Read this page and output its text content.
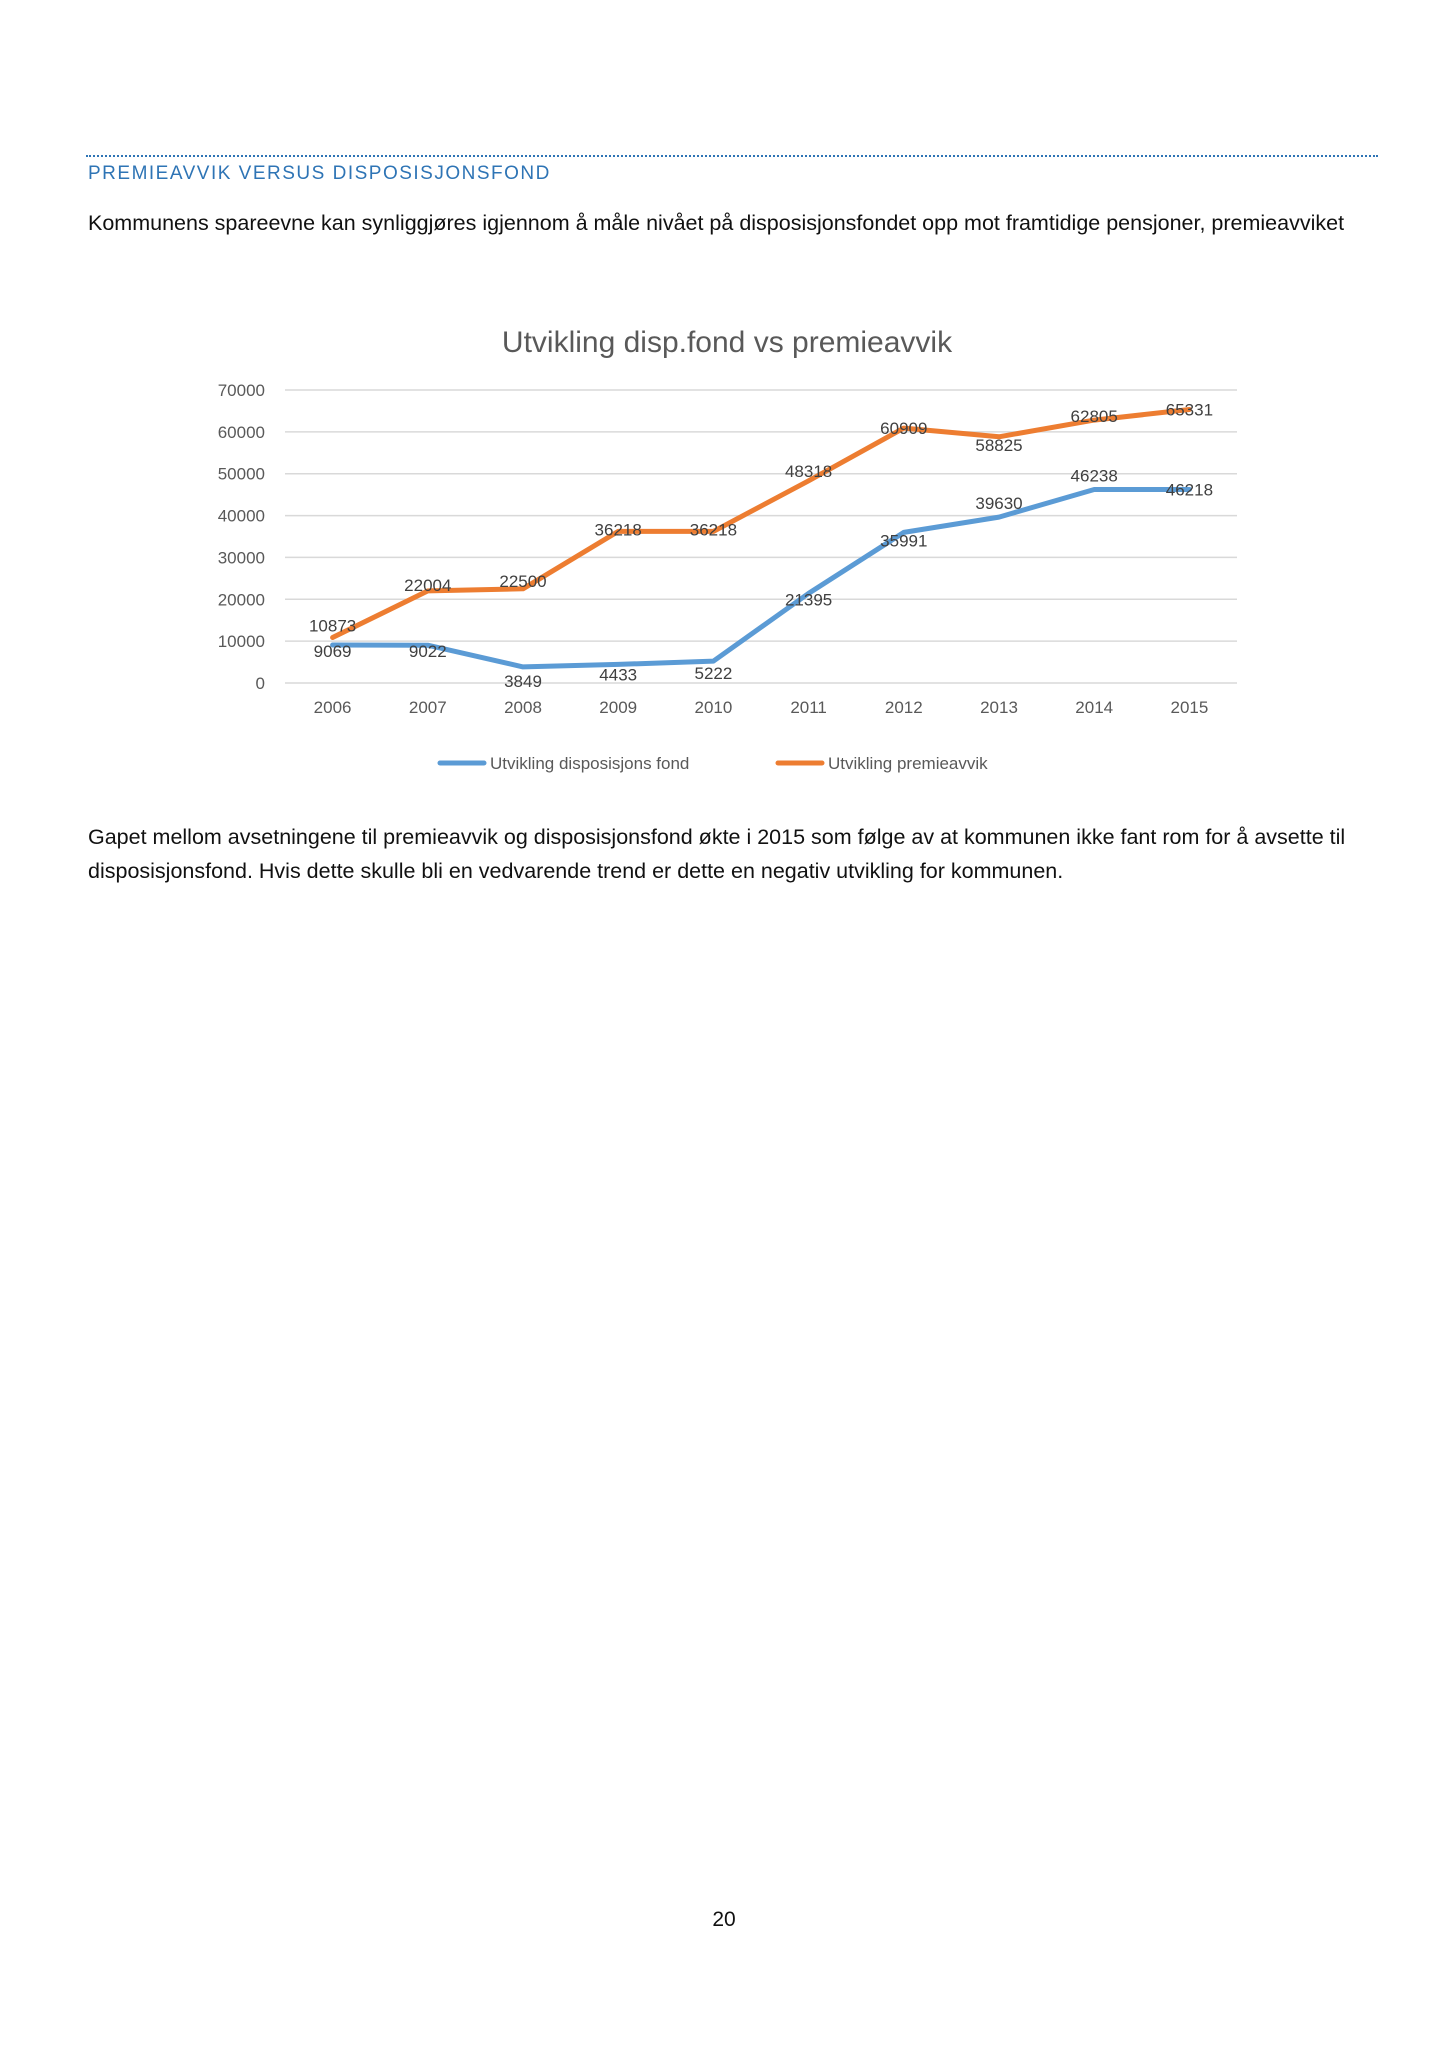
PREMIEAVVIK VERSUS DISPOSISJONSFOND

Kommunens spareevne kan synliggjøres igjennom å måle nivået på disposisjonsfondet opp mot framtidige pensjoner, premieavviket

Utvikling disp.fond vs premieavvik
0
10000
20000
30000
40000
50000
60000
70000
2006	2007	2008	2009	2010	2011	2012	2013	2014	2015
9069	9022
3849	4433	5222
21395
35991
39630
46238
46218
10873
22004	22500
36218	36218
48318
60909
58825
62805	65331
Utvikling disposisjons fond	Utvikling premieavvik

Gapet mellom avsetningene til premieavvik og disposisjonsfond økte i 2015 som følge av at kommunen ikke fant rom for å avsette til disposisjonsfond. Hvis dette skulle bli en vedvarende trend er dette en negativ utvikling for kommunen.

20
